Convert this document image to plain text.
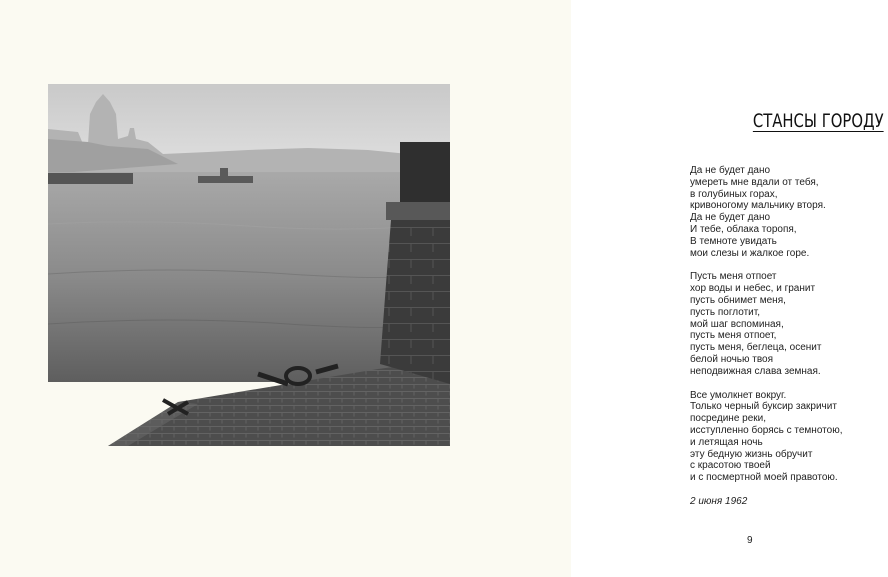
СТАНСЫ ГОРОДУ
Да не будет дано
умереть мне вдали от тебя,
в голубиных горах,
кривоногому мальчику вторя.
Да не будет дано
И тебе, облака торопя,
В темноте увидать
мои слезы и жалкое горе.
Пусть меня отпоет
хор воды и небес, и гранит
пусть обнимет меня,
пусть поглотит,
мой шаг вспоминая,
пусть меня отпоет,
пусть меня, беглеца, осенит
белой ночью твоя
неподвижная слава земная.
Все умолкнет вокруг.
Только черный буксир закричит
посредине реки,
исступленно борясь с темнотою,
и летящая ночь
эту бедную жизнь обручит
с красотою твоей
и с посмертной моей правотою.
2 июня 1962
9
